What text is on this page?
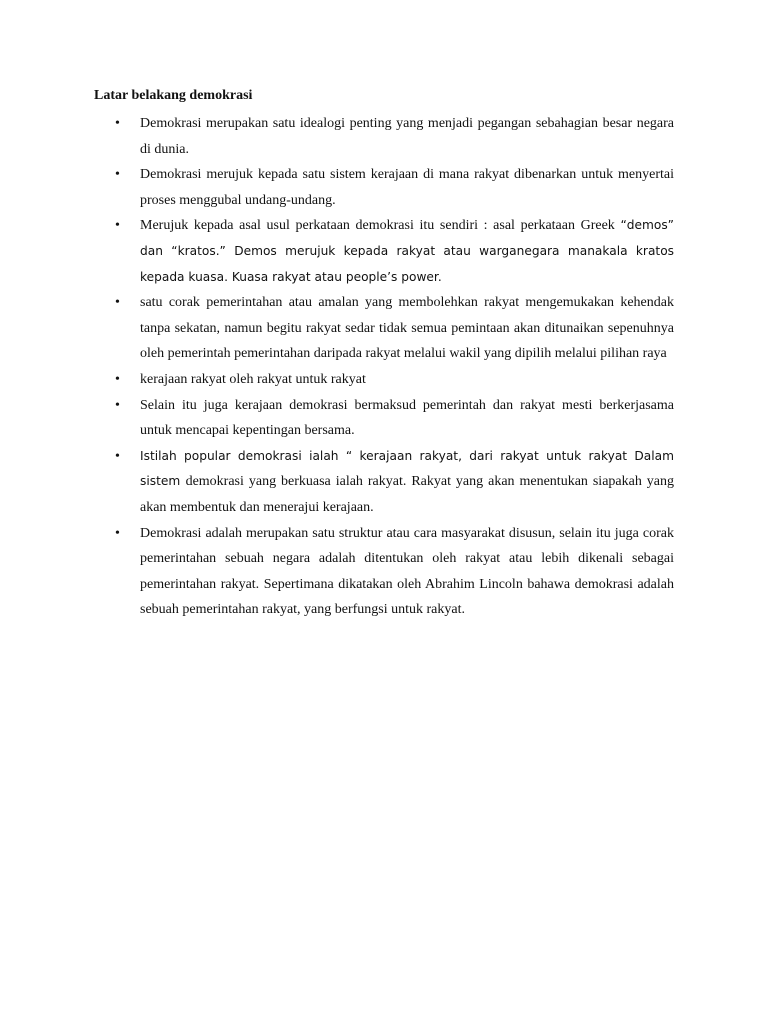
Latar belakang demokrasi
• Demokrasi merupakan satu idealogi penting yang menjadi pegangan sebahagian besar negara di dunia.
• Demokrasi merujuk kepada satu sistem kerajaan di mana rakyat dibenarkan untuk menyertai proses menggubal undang-undang.
• Merujuk kepada asal usul perkataan demokrasi itu sendiri : asal perkataan Greek “demos” dan “kratos.” Demos merujuk kepada rakyat atau warganegara manakala kratos kepada kuasa. Kuasa rakyat atau people’s power.
• satu corak pemerintahan atau amalan yang membolehkan rakyat mengemukakan kehendak tanpa sekatan, namun begitu rakyat sedar tidak semua pemintaan akan ditunaikan sepenuhnya oleh pemerintah pemerintahan daripada rakyat melalui wakil yang dipilih melalui pilihan raya
• kerajaan rakyat oleh rakyat untuk rakyat
• Selain itu juga kerajaan demokrasi bermaksud pemerintah dan rakyat mesti berkerjasama untuk mencapai kepentingan bersama.
• Istilah popular demokrasi ialah “ kerajaan rakyat, dari rakyat untuk rakyat Dalam sistem demokrasi yang berkuasa ialah rakyat. Rakyat yang akan menentukan siapakah yang akan membentuk dan menerajui kerajaan.
• Demokrasi adalah merupakan satu struktur atau cara masyarakat disusun, selain itu juga corak pemerintahan sebuah negara adalah ditentukan oleh rakyat atau lebih dikenali sebagai pemerintahan rakyat. Sepertimana dikatakan oleh Abrahim Lincoln bahawa demokrasi adalah sebuah pemerintahan rakyat, yang berfungsi untuk rakyat.
